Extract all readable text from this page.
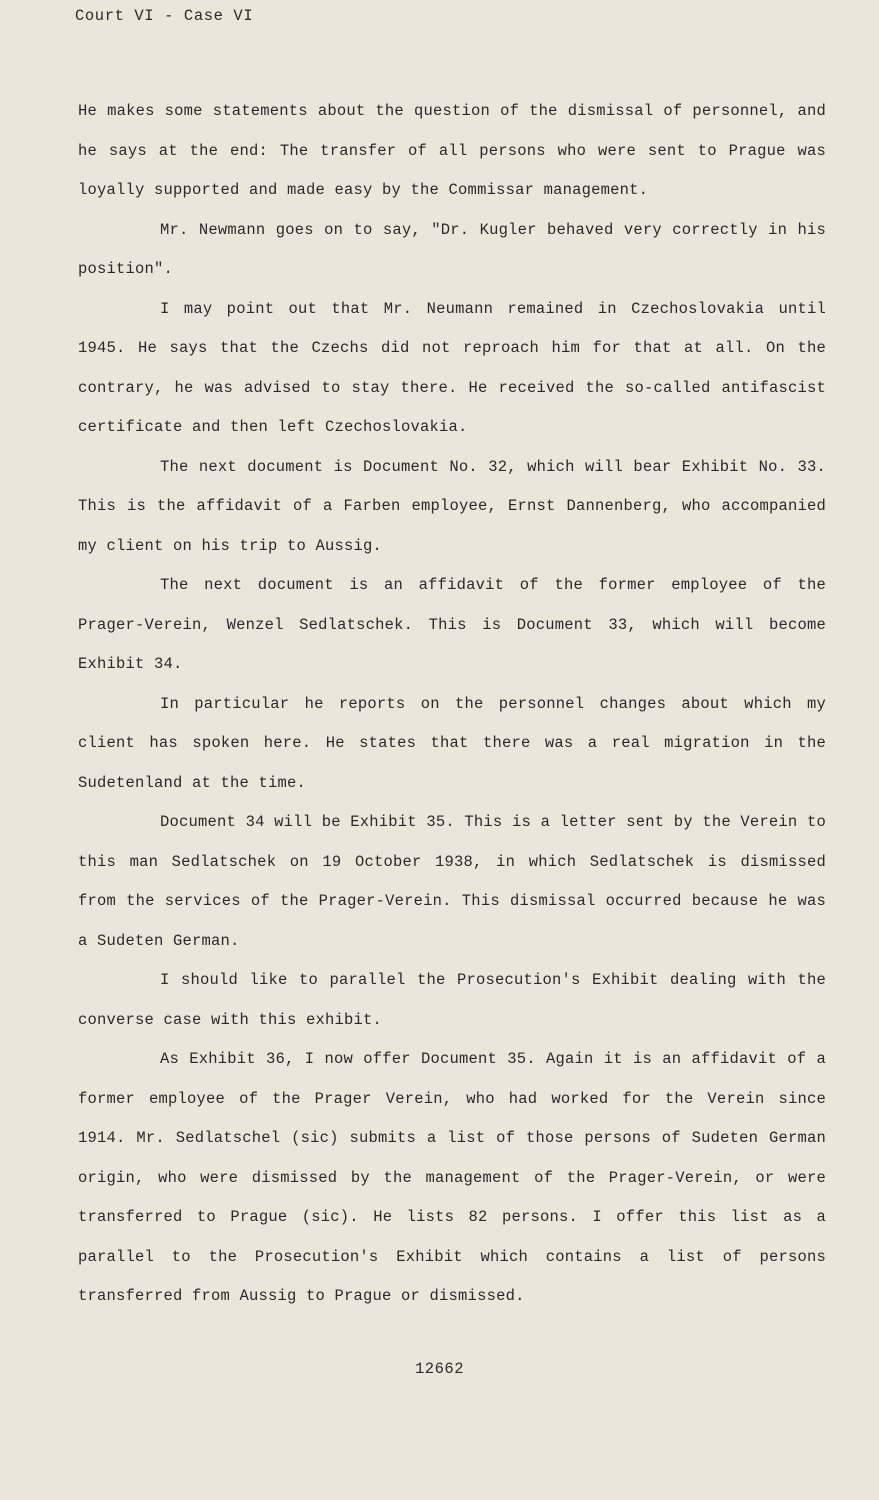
Court VI - Case VI

He makes some statements about the question of the dismissal of personnel, and he says at the end: The transfer of all persons who were sent to Prague was loyally supported and made easy by the Commissar management.

Mr. Newmann goes on to say, "Dr. Kugler behaved very correctly in his position".

I may point out that Mr. Neumann remained in Czechoslovakia until 1945. He says that the Czechs did not reproach him for that at all. On the contrary, he was advised to stay there. He received the so-called antifascist certificate and then left Czechoslovakia.

The next document is Document No. 32, which will bear Exhibit No. 33. This is the affidavit of a Farben employee, Ernst Dannenberg, who accompanied my client on his trip to Aussig.

The next document is an affidavit of the former employee of the Prager-Verein, Wenzel Sedlatschek. This is Document 33, which will become Exhibit 34.

In particular he reports on the personnel changes about which my client has spoken here. He states that there was a real migration in the Sudetenland at the time.

Document 34 will be Exhibit 35. This is a letter sent by the Verein to this man Sedlatschek on 19 October 1938, in which Sedlatschek is dismissed from the services of the Prager-Verein. This dismissal occurred because he was a Sudeten German.

I should like to parallel the Prosecution's Exhibit dealing with the converse case with this exhibit.

As Exhibit 36, I now offer Document 35. Again it is an affidavit of a former employee of the Prager Verein, who had worked for the Verein since 1914. Mr. Sedlatschel (sic) submits a list of those persons of Sudeten German origin, who were dismissed by the management of the Prager-Verein, or were transferred to Prague (sic). He lists 82 persons. I offer this list as a parallel to the Prosecution's Exhibit which contains a list of persons transferred from Aussig to Prague or dismissed.

12662
